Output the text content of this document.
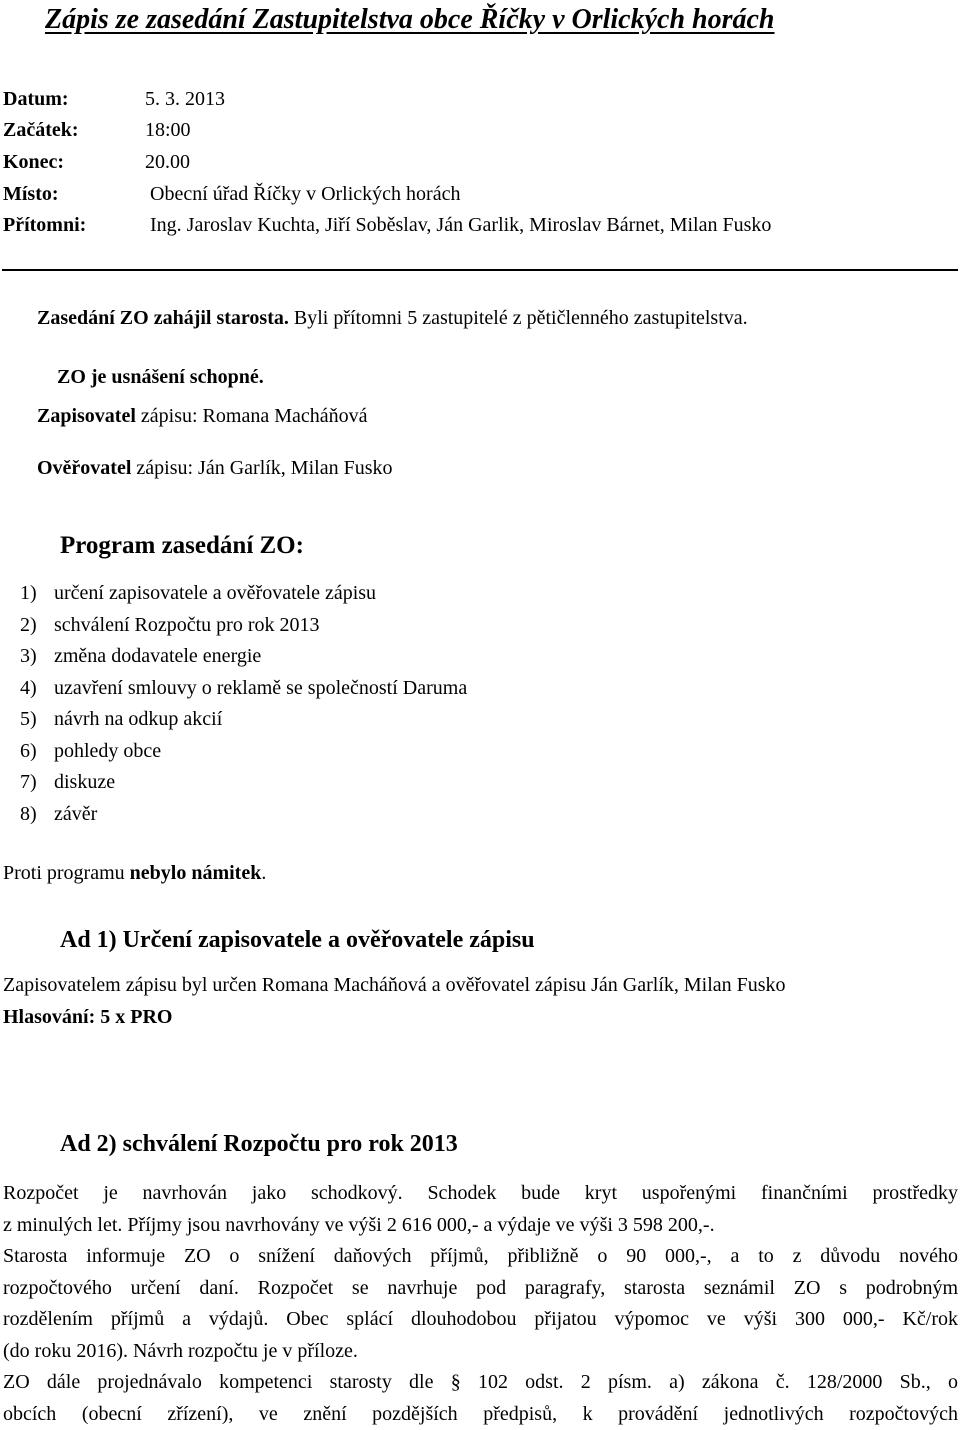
Zápis ze zasedání Zastupitelstva obce Říčky v Orlických horách
Datum:	5. 3. 2013
Začátek:	18:00
Konec:	20.00
Místo:	Obecní úřad Říčky v Orlických horách
Přítomni:	Ing. Jaroslav Kuchta, Jiří Soběslav, Ján Garlik, Miroslav Bárnet, Milan Fusko
Zasedání ZO zahájil starosta. Byli přítomni 5 zastupitelé z pětičlenného zastupitelstva.
ZO je usnášení schopné.
Zapisovatel zápisu: Romana Macháňová
Ověřovatel zápisu: Ján Garlík, Milan Fusko
Program zasedání ZO:
1) určení zapisovatele a ověřovatele zápisu
2) schválení Rozpočtu pro rok 2013
3) změna dodavatele energie
4) uzavření smlouvy o reklamě se společností Daruma
5) návrh na odkup akcií
6) pohledy obce
7) diskuze
8) závěr
Proti programu nebylo námitek.
Ad 1) Určení zapisovatele a ověřovatele zápisu
Zapisovatelem zápisu byl určen Romana Macháňová a ověřovatel zápisu Ján Garlík, Milan Fusko
Hlasování: 5 x PRO
Ad 2) schválení Rozpočtu pro rok 2013

Rozpočet je navrhován jako schodkový. Schodek bude kryt uspořenými finančními prostředky

z minulých let. Příjmy jsou navrhovány ve výši 2 616 000,- a výdaje ve výši 3 598 200,-.

Starosta informuje ZO o snížení daňových příjmů, přibližně o 90 000,-, a to z důvodu nového

rozpočtového určení daní. Rozpočet se navrhuje pod paragrafy, starosta seznámil ZO s podrobným

rozdělením příjmů a výdajů. Obec splácí dlouhodobou přijatou výpomoc ve výši 300 000,- Kč/rok

(do roku 2016). Návrh rozpočtu je v příloze.

ZO dále projednávalo kompetenci starosty dle § 102 odst. 2 písm. a) zákona č. 128/2000 Sb., o

obcích (obecní zřízení), ve znění pozdějších předpisů, k provádění jednotlivých rozpočtových
